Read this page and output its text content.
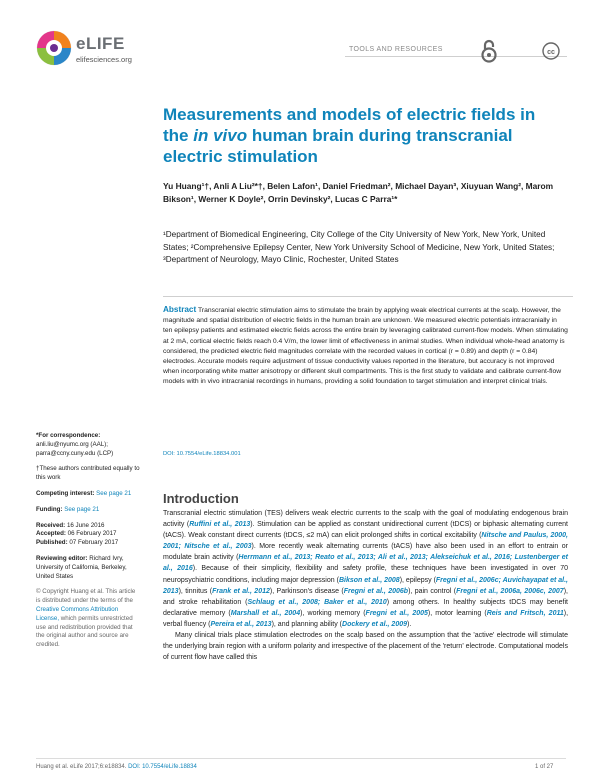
eLIFE
elifesciences.org
TOOLS AND RESOURCES	cc
Measurements and models of electric fields in the in vivo human brain during transcranial electric stimulation
Yu Huang¹†, Anli A Liu²*†, Belen Lafon¹, Daniel Friedman², Michael Dayan³, Xiuyuan Wang², Marom Bikson¹, Werner K Doyle², Orrin Devinsky², Lucas C Parra¹*
¹Department of Biomedical Engineering, City College of the City University of New York, New York, United States; ²Comprehensive Epilepsy Center, New York University School of Medicine, New York, United States; ³Department of Neurology, Mayo Clinic, Rochester, United States
Abstract Transcranial electric stimulation aims to stimulate the brain by applying weak electrical currents at the scalp. However, the magnitude and spatial distribution of electric fields in the human brain are unknown. We measured electric potentials intracranially in ten epilepsy patients and estimated electric fields across the entire brain by leveraging calibrated current-flow models. When stimulating at 2 mA, cortical electric fields reach 0.4 V/m, the lower limit of effectiveness in animal studies. When individual whole-head anatomy is considered, the predicted electric field magnitudes correlate with the recorded values in cortical (r = 0.89) and depth (r = 0.84) electrodes. Accurate models require adjustment of tissue conductivity values reported in the literature, but accuracy is not improved when incorporating white matter anisotropy or different skull compartments. This is the first study to validate and calibrate current-flow models with in vivo intracranial recordings in humans, providing a solid foundation to target stimulation and interpret clinical trials.
DOI: 10.7554/eLife.18834.001
*For correspondence: anli.liu@nyumc.org (AAL); parra@ccny.cuny.edu (LCP)
†These authors contributed equally to this work
Competing interest: See page 21
Funding: See page 21
Received: 16 June 2016
Accepted: 06 February 2017
Published: 07 February 2017
Reviewing editor: Richard Ivry, University of California, Berkeley, United States
© Copyright Huang et al. This article is distributed under the terms of the Creative Commons Attribution License, which permits unrestricted use and redistribution provided that the original author and source are credited.
Introduction

Transcranial electric stimulation (TES) delivers weak electric currents to the scalp with the goal of modulating endogenous brain activity (Ruffini et al., 2013). Stimulation can be applied as constant unidirectional current (tDCS) or biphasic alternating current (tACS). Weak constant direct currents (tDCS, ≤2 mA) can elicit prolonged shifts in cortical excitability (Nitsche and Paulus, 2000, 2001; Nitsche et al., 2003). More recently weak alternating currents (tACS) have also been used in an effort to entrain or modulate brain activity (Herrmann et al., 2013; Reato et al., 2013; Ali et al., 2013; Alekseichuk et al., 2016; Lustenberger et al., 2016). Because of their simplicity, flexibility and safety profile, these techniques have been investigated in over 70 neuropsychiatric conditions, including major depression (Bikson et al., 2008), epilepsy (Fregni et al., 2006c; Auvichayapat et al., 2013), tinnitus (Frank et al., 2012), Parkinson's disease (Fregni et al., 2006b), pain control (Fregni et al., 2006a, 2006c, 2007), and stroke rehabilitation (Schlaug et al., 2008; Baker et al., 2010) among others. In healthy subjects tDCS may benefit declarative memory (Marshall et al., 2004), working memory (Fregni et al., 2005), motor learning (Reis and Fritsch, 2011), verbal fluency (Pereira et al., 2013), and planning ability (Dockery et al., 2009).

Many clinical trials place stimulation electrodes on the scalp based on the assumption that the 'active' electrode will stimulate the underlying brain region with a uniform polarity and irrespective of the placement of the 'return' electrode. Computational models of current flow have called this

Huang et al. eLife 2017;6:e18834. DOI: 10.7554/eLife.18834	1 of 27
